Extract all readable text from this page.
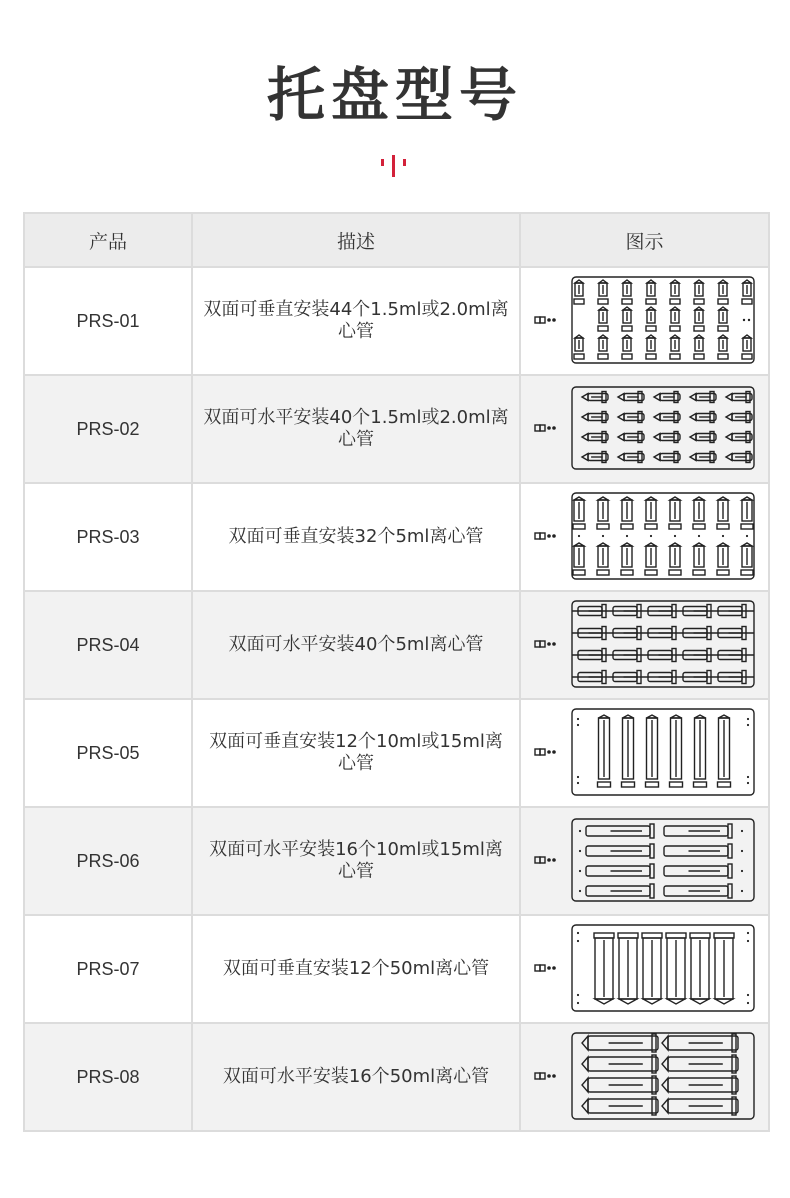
托盘型号
产品	描述	图示
PRS-01	双面可垂直安装44个1.5ml或2.0ml离心管	

PRS-02	双面可水平安装40个1.5ml或2.0ml离心管	

PRS-03	双面可垂直安装32个5ml离心管	

PRS-04	双面可水平安装40个5ml离心管	

PRS-05	双面可垂直安装12个10ml或15ml离心管	

PRS-06	双面可水平安装16个10ml或15ml离心管	

PRS-07	双面可垂直安装12个50ml离心管	

PRS-08	双面可水平安装16个50ml离心管	
